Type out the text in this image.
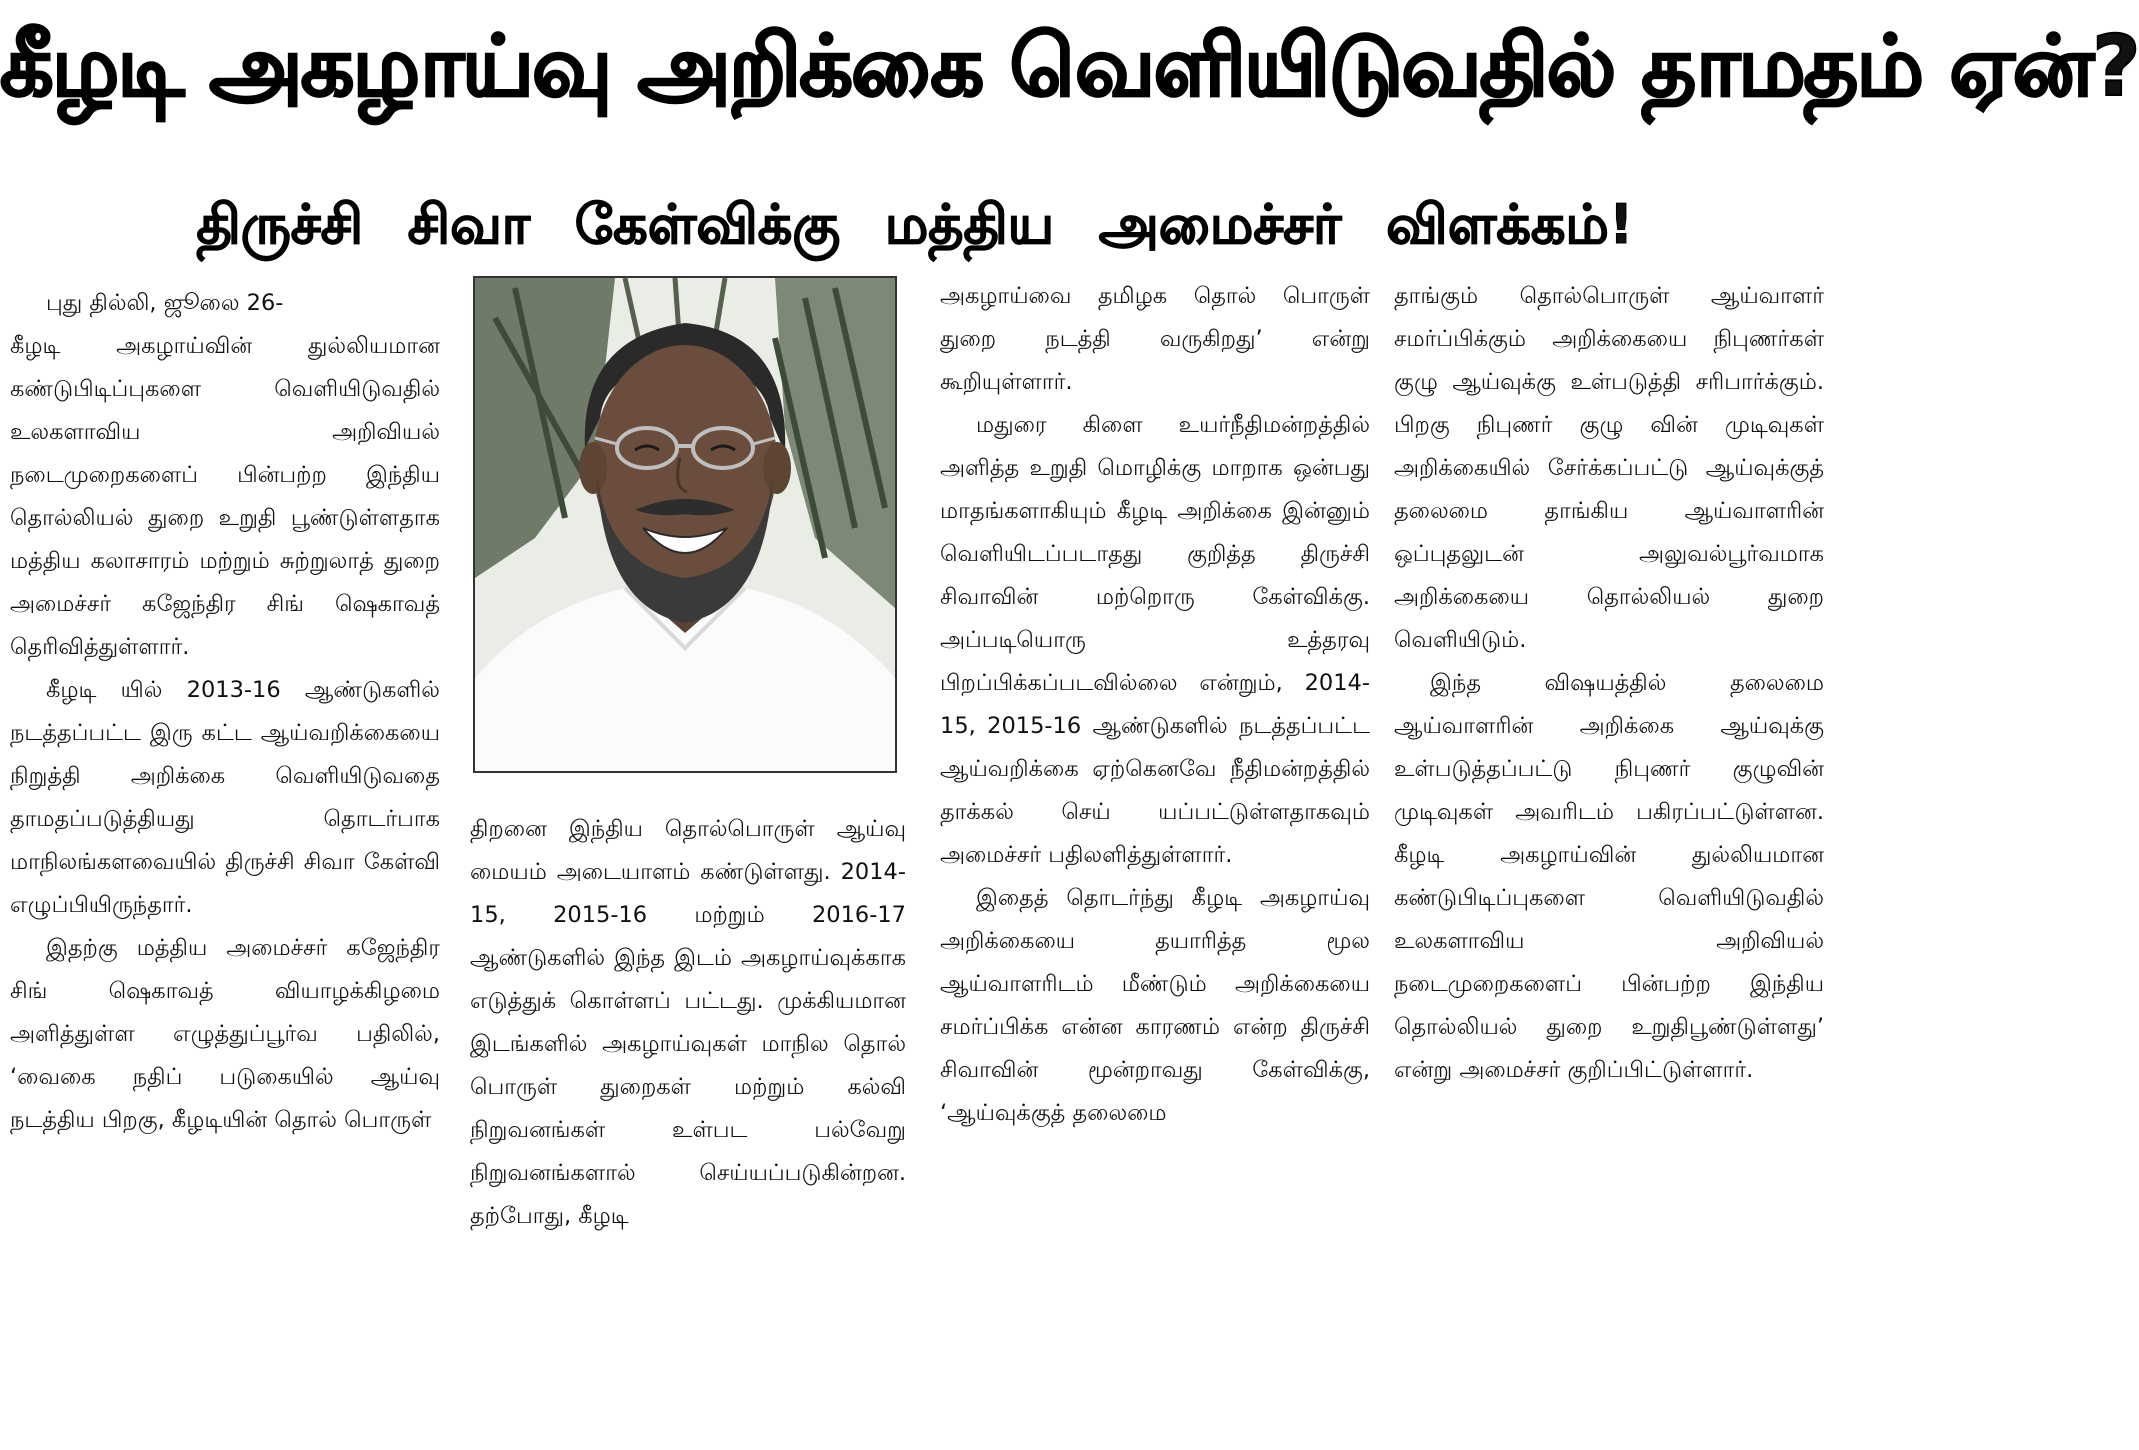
கீழடி அகழாய்வு அறிக்கை வெளியிடுவதில் தாமதம் ஏன்?
திருச்சி சிவா கேள்விக்கு மத்திய அமைச்சர் விளக்கம்!

புது தில்லி, ஜூலை 26-

கீழடி அகழாய்வின் துல்லியமான கண்டுபிடிப்புகளை வெளியிடுவதில் உலகளாவிய அறிவியல் நடைமுறைகளைப் பின்பற்ற இந்திய தொல்லியல் துறை உறுதி பூண்டுள்ளதாக மத்திய கலாசாரம் மற்றும் சுற்றுலாத் துறை அமைச்சர் கஜேந்திர சிங் ஷெகாவத் தெரிவித்துள்ளார்.

கீழடி யில் 2013-16 ஆண்டுகளில் நடத்தப்பட்ட இரு கட்ட ஆய்வறிக்கையை நிறுத்தி அறிக்கை வெளியிடுவதை தாமதப்படுத்தியது தொடர்பாக மாநிலங்களவையில் திருச்சி சிவா கேள்வி எழுப்பியிருந்தார்.

இதற்கு மத்திய அமைச்சர் கஜேந்திர சிங் ஷெகாவத் வியாழக்கிழமை அளித்துள்ள எழுத்துப்பூர்வ பதிலில், ‘வைகை நதிப் படுகையில் ஆய்வு நடத்திய பிறகு, கீழடியின் தொல் பொருள்

திறனை இந்திய தொல்பொருள் ஆய்வு மையம் அடையாளம் கண்டுள்ளது. 2014-15, 2015-16 மற்றும் 2016-17 ஆண்டுகளில் இந்த இடம் அகழாய்வுக்காக எடுத்துக் கொள்ளப் பட்டது. முக்கியமான இடங்களில் அகழாய்வுகள் மாநில தொல் பொருள் துறைகள் மற்றும் கல்வி நிறுவனங்கள் உள்பட பல்வேறு நிறுவனங்களால் செய்யப்படுகின்றன. தற்போது, கீழடி

அகழாய்வை தமிழக தொல் பொருள் துறை நடத்தி வருகிறது’ என்று கூறியுள்ளார்.

மதுரை கிளை உயர்நீதிமன்றத்தில் அளித்த உறுதி மொழிக்கு மாறாக ஒன்பது மாதங்களாகியும் கீழடி அறிக்கை இன்னும் வெளியிடப்படாதது குறித்த திருச்சி சிவாவின் மற்றொரு கேள்விக்கு. அப்படியொரு உத்தரவு பிறப்பிக்கப்படவில்லை என்றும், 2014-15, 2015-16 ஆண்டுகளில் நடத்தப்பட்ட ஆய்வறிக்கை ஏற்கெனவே நீதிமன்றத்தில் தாக்கல் செய் யப்பட்டுள்ளதாகவும் அமைச்சர் பதிலளித்துள்ளார்.

இதைத் தொடர்ந்து கீழடி அகழாய்வு அறிக்கையை தயாரித்த மூல ஆய்வாளரிடம் மீண்டும் அறிக்கையை சமர்ப்பிக்க என்ன காரணம் என்ற திருச்சி சிவாவின் மூன்றாவது கேள்விக்கு, ‘ஆய்வுக்குத் தலைமை

தாங்கும் தொல்பொருள் ஆய்வாளர் சமர்ப்பிக்கும் அறிக்கையை நிபுணர்கள் குழு ஆய்வுக்கு உள்படுத்தி சரிபார்க்கும். பிறகு நிபுணர் குழு வின் முடிவுகள் அறிக்கையில் சேர்க்கப்பட்டு ஆய்வுக்குத் தலைமை தாங்கிய ஆய்வாளரின் ஒப்புதலுடன் அலுவல்பூர்வமாக அறிக்கையை தொல்லியல் துறை வெளியிடும்.

இந்த விஷயத்தில் தலைமை ஆய்வாளரின் அறிக்கை ஆய்வுக்கு உள்படுத்தப்பட்டு நிபுணர் குழுவின் முடிவுகள் அவரிடம் பகிரப்பட்டுள்ளன. கீழடி அகழாய்வின் துல்லியமான கண்டுபிடிப்புகளை வெளியிடுவதில் உலகளாவிய அறிவியல் நடைமுறைகளைப் பின்பற்ற இந்திய தொல்லியல் துறை உறுதிபூண்டுள்ளது’ என்று அமைச்சர் குறிப்பிட்டுள்ளார்.
